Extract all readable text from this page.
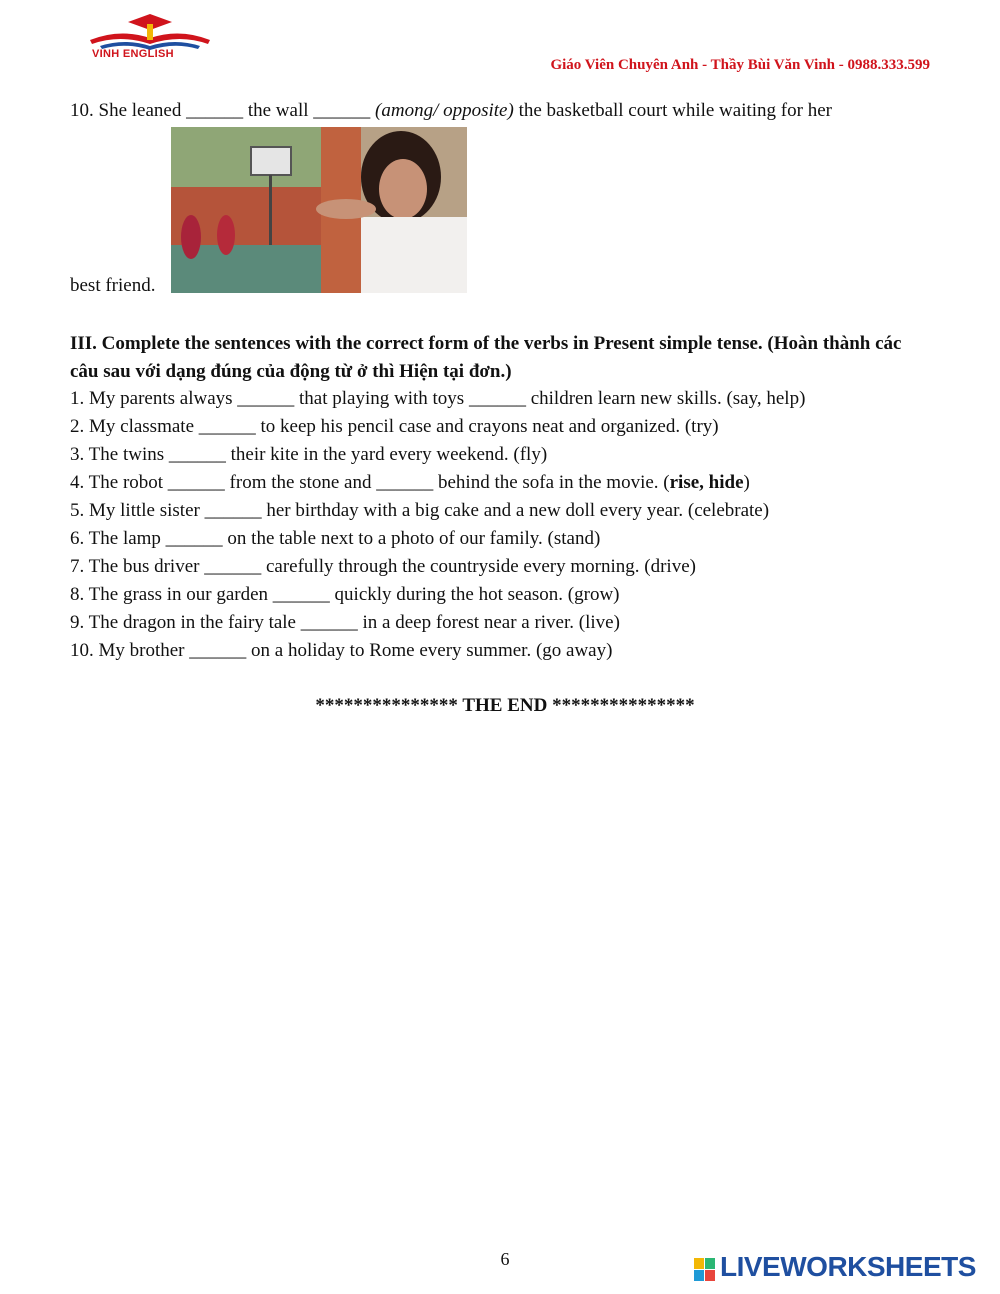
VINH ENGLISH
Giáo Viên Chuyên Anh - Thầy Bùi Văn Vinh - 0988.333.599
10. She leaned ______ the wall ______ (among/ opposite) the basketball court while waiting for her
best friend.
III. Complete the sentences with the correct form of the verbs in Present simple tense. (Hoàn thành các câu sau với dạng đúng của động từ ở thì Hiện tại đơn.)
1. My parents always ______ that playing with toys ______ children learn new skills. (say, help)
2. My classmate ______ to keep his pencil case and crayons neat and organized. (try)
3. The twins ______ their kite in the yard every weekend. (fly)
4. The robot ______ from the stone and ______ behind the sofa in the movie. (rise, hide)
5. My little sister ______ her birthday with a big cake and a new doll every year. (celebrate)
6. The lamp ______ on the table next to a photo of our family. (stand)
7. The bus driver ______ carefully through the countryside every morning. (drive)
8. The grass in our garden ______ quickly during the hot season. (grow)
9. The dragon in the fairy tale ______ in a deep forest near a river. (live)
10. My brother ______ on a holiday to Rome every summer. (go away)
*************** THE END ***************
6	LIVEWORKSHEETS
